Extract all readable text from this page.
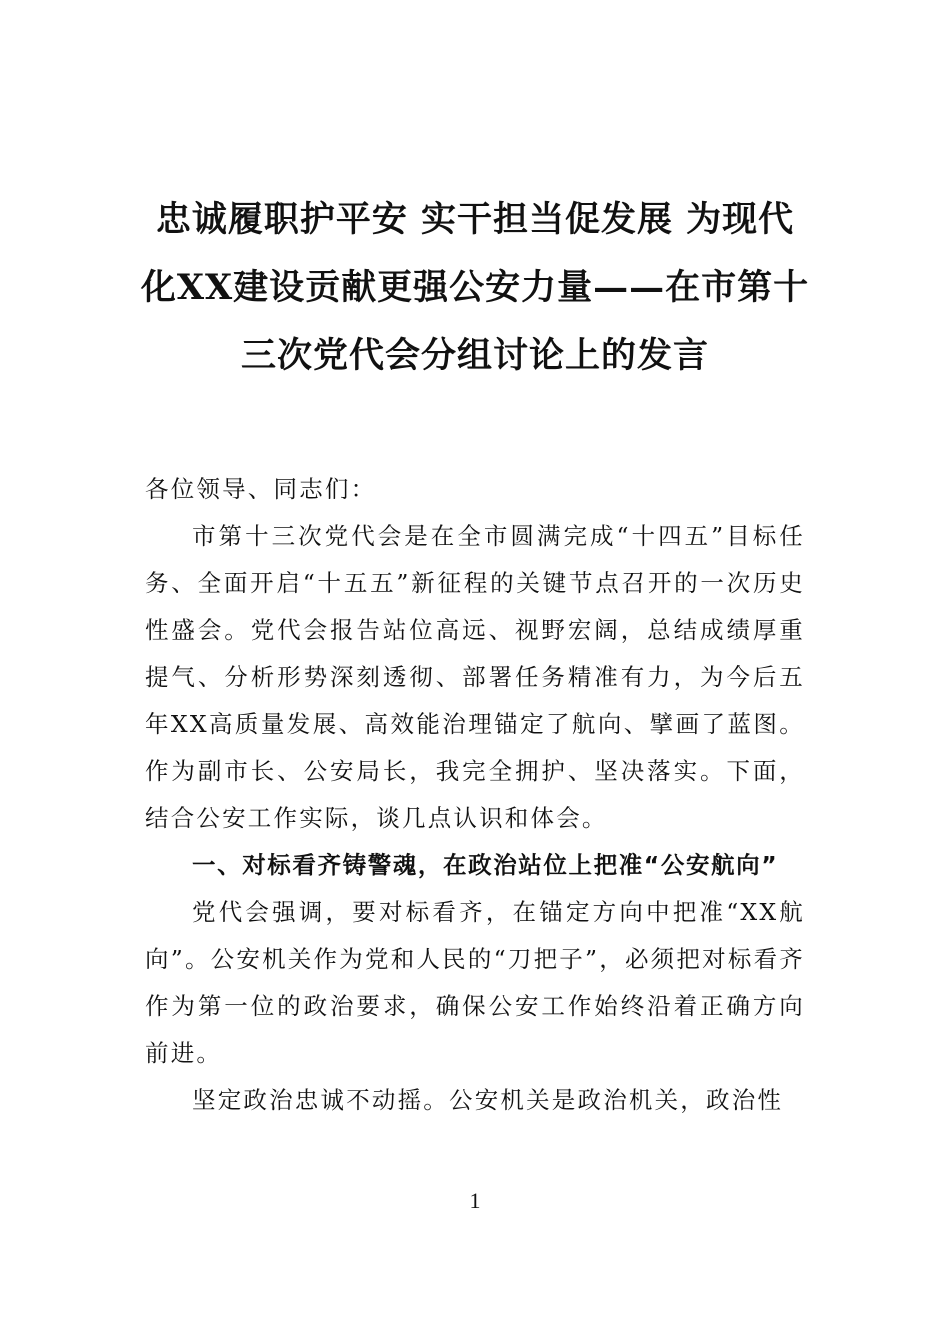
忠诚履职护平安 实干担当促发展 为现代化XX建设贡献更强公安力量——在市第十三次党代会分组讨论上的发言

各位领导、同志们：

市第十三次党代会是在全市圆满完成“十四五”目标任务、全面开启“十五五”新征程的关键节点召开的一次历史性盛会。党代会报告站位高远、视野宏阔，总结成绩厚重提气、分析形势深刻透彻、部署任务精准有力，为今后五年XX高质量发展、高效能治理锚定了航向、擘画了蓝图。作为副市长、公安局长，我完全拥护、坚决落实。下面，结合公安工作实际，谈几点认识和体会。

一、对标看齐铸警魂，在政治站位上把准“公安航向”

党代会强调，要对标看齐，在锚定方向中把准“XX航向”。公安机关作为党和人民的“刀把子”，必须把对标看齐作为第一位的政治要求，确保公安工作始终沿着正确方向前进。

坚定政治忠诚不动摇。公安机关是政治机关，政治性

1
